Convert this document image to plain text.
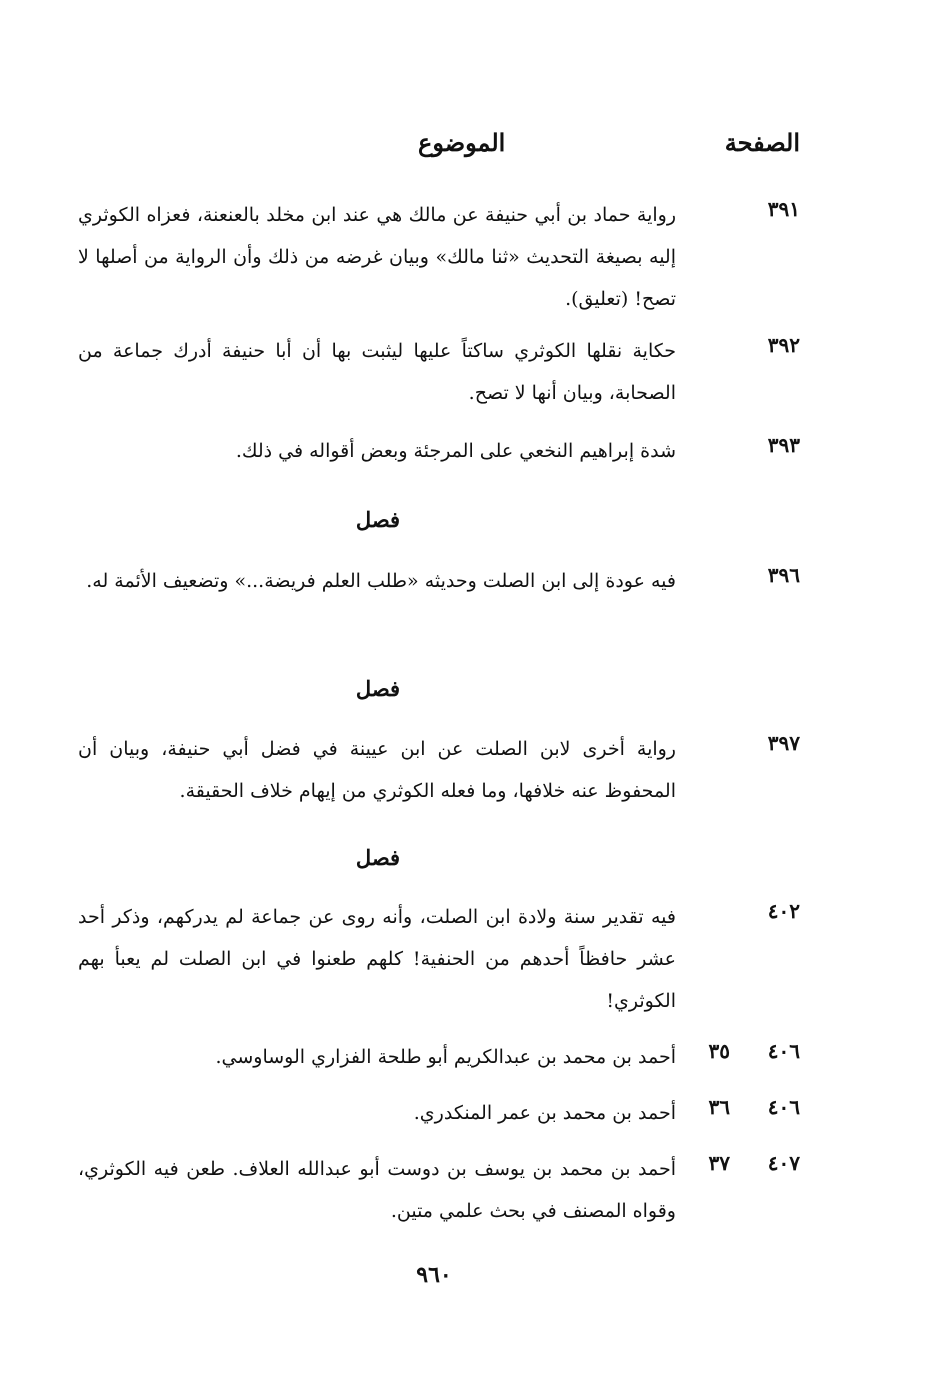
الصفحة
الموضوع
٣٩١
رواية حماد بن أبي حنيفة عن مالك هي عند ابن مخلد بالعنعنة، فعزاه الكوثري إليه بصيغة التحديث «ثنا مالك» وبيان غرضه من ذلك وأن الرواية من أصلها لا تصح! (تعليق).
٣٩٢
حكاية نقلها الكوثري ساكتاً عليها ليثبت بها أن أبا حنيفة أدرك جماعة من الصحابة، وبيان أنها لا تصح.
٣٩٣
شدة إبراهيم النخعي على المرجئة وبعض أقواله في ذلك.
فصل
٣٩٦
فيه عودة إلى ابن الصلت وحديثه «طلب العلم فريضة...» وتضعيف الأئمة له.
فصل
٣٩٧
رواية أخرى لابن الصلت عن ابن عيينة في فضل أبي حنيفة، وبيان أن المحفوظ عنه خلافها، وما فعله الكوثري من إيهام خلاف الحقيقة.
فصل
٤٠٢
فيه تقدير سنة ولادة ابن الصلت، وأنه روى عن جماعة لم يدركهم، وذكر أحد عشر حافظاً أحدهم من الحنفية! كلهم طعنوا في ابن الصلت لم يعبأ بهم الكوثري!
٤٠٦
٣٥
أحمد بن محمد بن عبدالكريم أبو طلحة الفزاري الوساوسي.
٤٠٦
٣٦
أحمد بن محمد بن عمر المنكدري.
٤٠٧
٣٧
أحمد بن محمد بن يوسف بن دوست أبو عبدالله العلاف. طعن فيه الكوثري، وقواه المصنف في بحث علمي متين.
٩٦٠
